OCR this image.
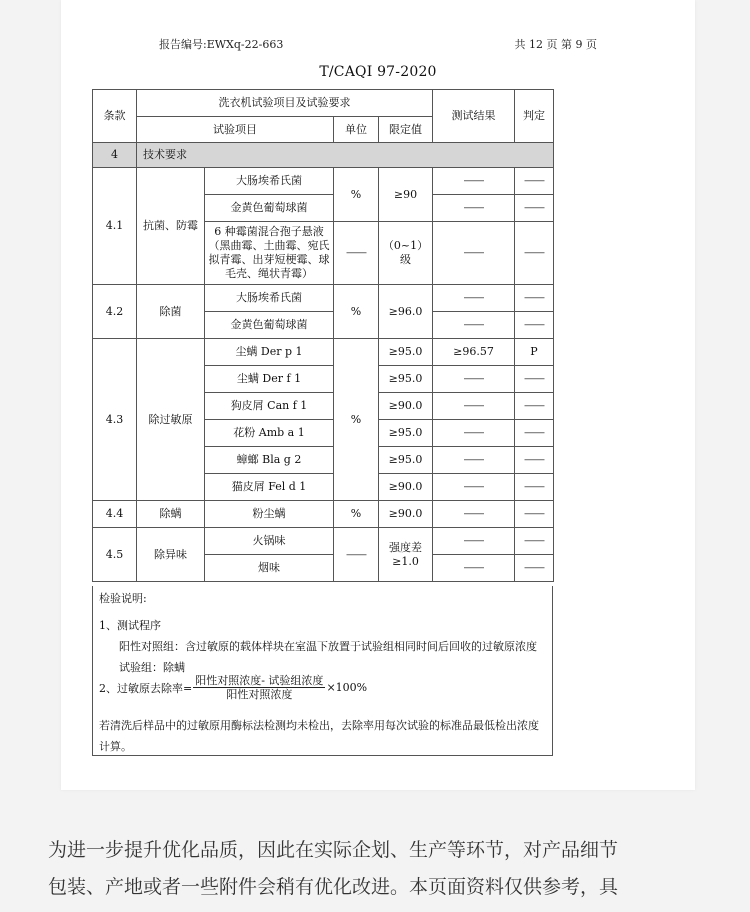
报告编号:EWXq-22-663	共 12 页 第 9 页
T/CAQI 97-2020
条款	洗衣机试验项目及试验要求				测试结果	判定
	试验项目		单位	限定值		
4	技术要求					
4.1	抗菌、防霉	大肠埃希氏菌	%	≥90	——	——
		金黄色葡萄球菌			——	——
		6 种霉菌混合孢子悬液（黑曲霉、土曲霉、宛氏拟青霉、出芽短梗霉、球毛壳、绳状青霉）	——	（0~1）级	——	——
4.2	除菌	大肠埃希氏菌	%	≥96.0	——	——
		金黄色葡萄球菌			——	——
4.3	除过敏原	尘螨 Der p 1	%	≥95.0	≥96.57	P
		尘螨 Der f 1		≥95.0	——	——
		狗皮屑 Can f 1		≥90.0	——	——
		花粉 Amb a 1		≥95.0	——	——
		蟑螂 Bla g 2		≥95.0	——	——
		猫皮屑 Fel d 1		≥90.0	——	——
4.4	除螨	粉尘螨	%	≥90.0	——	——
4.5	除异味	火锅味	——	强度差≥1.0	——	——
		烟味			——	——
检验说明:
1、测试程序
阳性对照组：含过敏原的载体样块在室温下放置于试验组相同时间后回收的过敏原浓度
试验组：除螨
2、过敏原去除率= $\frac{\text{阳性对照浓度- 试验组浓度}}{\text{阳性对照浓度}} \times 100\%$
若清洗后样品中的过敏原用酶标法检测均未检出，去除率用每次试验的标准品最低检出浓度
计算。
为进一步提升优化品质，因此在实际企划、生产等环节，对产品细节
包装、产地或者一些附件会稍有优化改进。本页面资料仅供参考，具
